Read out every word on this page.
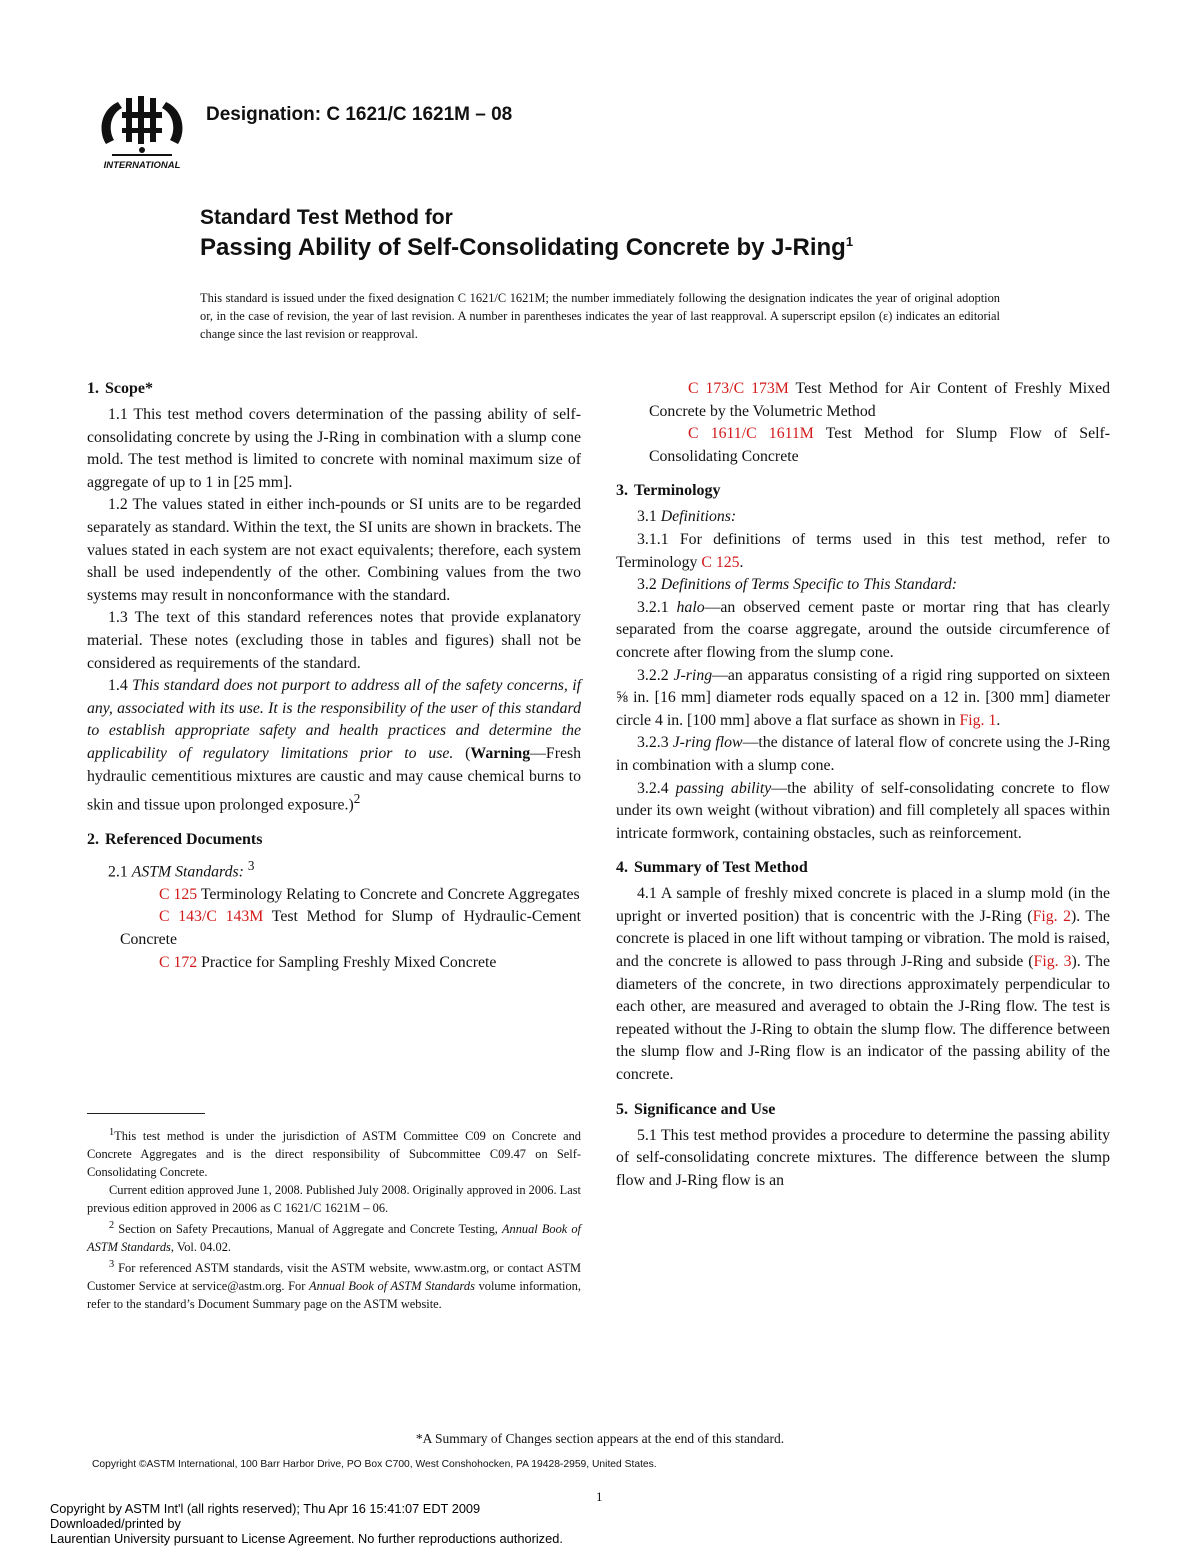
INTERNATIONAL
Designation: C 1621/C 1621M – 08
Standard Test Method for
Passing Ability of Self-Consolidating Concrete by J-Ring$^1$
This standard is issued under the fixed designation C 1621/C 1621M; the number immediately following the designation indicates the year of original adoption or, in the case of revision, the year of last revision. A number in parentheses indicates the year of last reapproval. A superscript epsilon (ε) indicates an editorial change since the last revision or reapproval.
1. Scope*

1.1 This test method covers determination of the passing ability of self-consolidating concrete by using the J-Ring in combination with a slump cone mold. The test method is limited to concrete with nominal maximum size of aggregate of up to 1 in [25 mm].

1.2 The values stated in either inch-pounds or SI units are to be regarded separately as standard. Within the text, the SI units are shown in brackets. The values stated in each system are not exact equivalents; therefore, each system shall be used independently of the other. Combining values from the two systems may result in nonconformance with the standard.

1.3 The text of this standard references notes that provide explanatory material. These notes (excluding those in tables and figures) shall not be considered as requirements of the standard.

1.4 This standard does not purport to address all of the safety concerns, if any, associated with its use. It is the responsibility of the user of this standard to establish appropriate safety and health practices and determine the applicability of regulatory limitations prior to use. (Warning—Fresh hydraulic cementitious mixtures are caustic and may cause chemical burns to skin and tissue upon prolonged exposure.)$^2$

2. Referenced Documents

2.1 ASTM Standards: $^3$

C 125 Terminology Relating to Concrete and Concrete Aggregates

C 143/C 143M Test Method for Slump of Hydraulic-Cement Concrete

C 172 Practice for Sampling Freshly Mixed Concrete

$^1$This test method is under the jurisdiction of ASTM Committee C09 on Concrete and Concrete Aggregates and is the direct responsibility of Subcommittee C09.47 on Self-Consolidating Concrete.

Current edition approved June 1, 2008. Published July 2008. Originally approved in 2006. Last previous edition approved in 2006 as C 1621/C 1621M – 06.

$^2$ Section on Safety Precautions, Manual of Aggregate and Concrete Testing, Annual Book of ASTM Standards, Vol. 04.02.

$^3$ For referenced ASTM standards, visit the ASTM website, www.astm.org, or contact ASTM Customer Service at service@astm.org. For Annual Book of ASTM Standards volume information, refer to the standard’s Document Summary page on the ASTM website.

C 173/C 173M Test Method for Air Content of Freshly Mixed Concrete by the Volumetric Method

C 1611/C 1611M Test Method for Slump Flow of Self-Consolidating Concrete

3. Terminology

3.1 Definitions:

3.1.1 For definitions of terms used in this test method, refer to Terminology C 125.

3.2 Definitions of Terms Specific to This Standard:

3.2.1 halo—an observed cement paste or mortar ring that has clearly separated from the coarse aggregate, around the outside circumference of concrete after flowing from the slump cone.

3.2.2 J-ring—an apparatus consisting of a rigid ring supported on sixteen ⅝ in. [16 mm] diameter rods equally spaced on a 12 in. [300 mm] diameter circle 4 in. [100 mm] above a flat surface as shown in Fig. 1.

3.2.3 J-ring flow—the distance of lateral flow of concrete using the J-Ring in combination with a slump cone.

3.2.4 passing ability—the ability of self-consolidating concrete to flow under its own weight (without vibration) and fill completely all spaces within intricate formwork, containing obstacles, such as reinforcement.

4. Summary of Test Method

4.1 A sample of freshly mixed concrete is placed in a slump mold (in the upright or inverted position) that is concentric with the J-Ring (Fig. 2). The concrete is placed in one lift without tamping or vibration. The mold is raised, and the concrete is allowed to pass through J-Ring and subside (Fig. 3). The diameters of the concrete, in two directions approximately perpendicular to each other, are measured and averaged to obtain the J-Ring flow. The test is repeated without the J-Ring to obtain the slump flow. The difference between the slump flow and J-Ring flow is an indicator of the passing ability of the concrete.

5. Significance and Use

5.1 This test method provides a procedure to determine the passing ability of self-consolidating concrete mixtures. The difference between the slump flow and J-Ring flow is an

*A Summary of Changes section appears at the end of this standard.
Copyright ©ASTM International, 100 Barr Harbor Drive, PO Box C700, West Conshohocken, PA 19428-2959, United States.
1
Copyright by ASTM Int'l (all rights reserved); Thu Apr 16 15:41:07 EDT 2009
Downloaded/printed by
Laurentian University pursuant to License Agreement. No further reproductions authorized.
